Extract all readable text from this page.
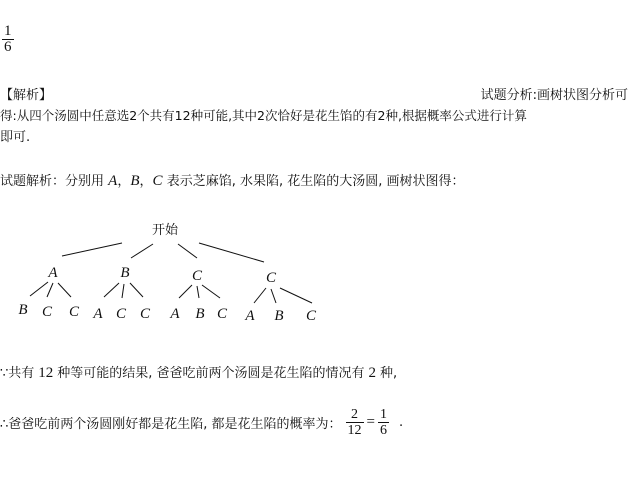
$\frac{1}{6}$
【解析】	试题分析:画树状图分析可
得:从四个汤圆中任意选2个共有12种可能,其中2次恰好是花生馅的有2种,根据概率公式进行计算
即可.
试题解析：分别用 A，B，C 表示芝麻馅, 水果陷, 花生陷的大汤圆, 画树状图得：
开始
A	B	C	C
B C C A C C A B C A B C
∵共有 12 种等可能的结果, 爸爸吃前两个汤圆是花生陷的情况有 2 种,
∴爸爸吃前两个汤圆刚好都是花生陷, 都是花生陷的概率为： $\frac{2}{12} = \frac{1}{6}$ .
